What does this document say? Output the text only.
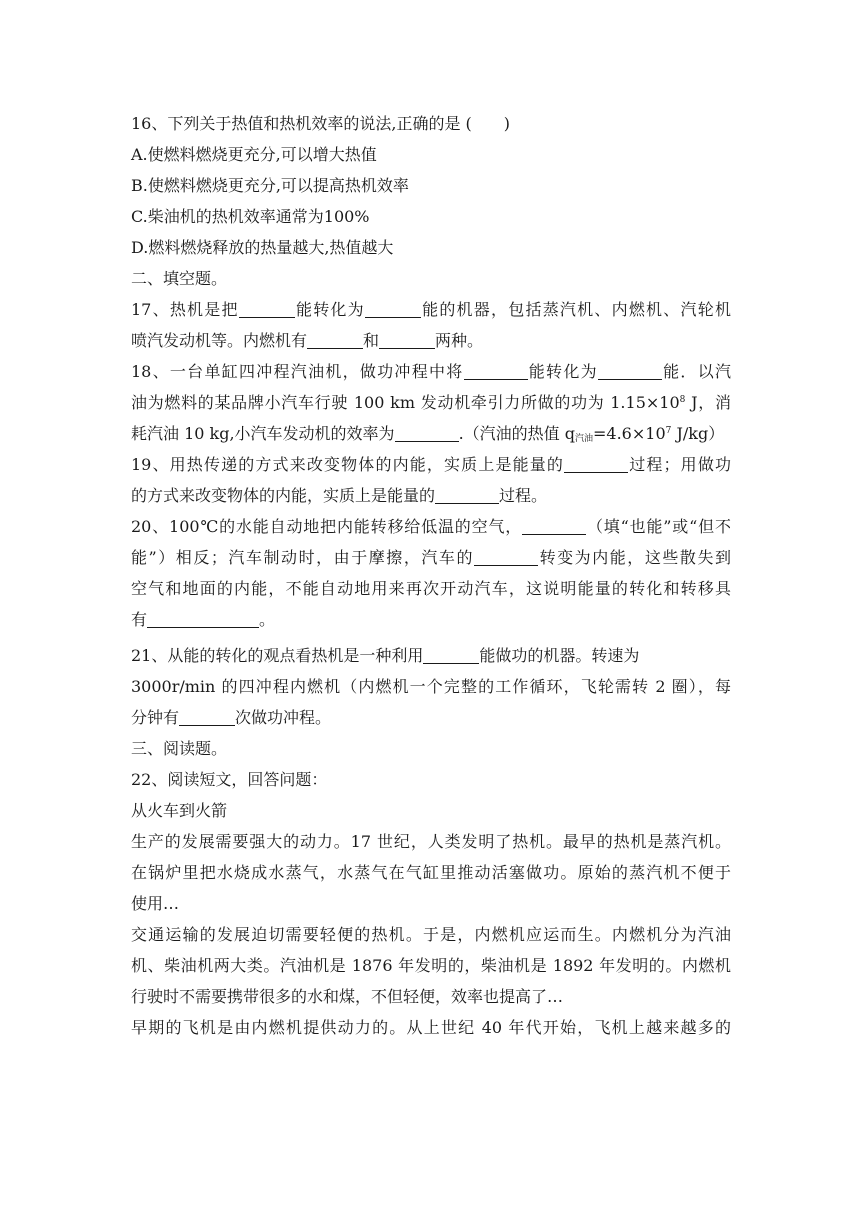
16、下列关于热值和热机效率的说法,正确的是 (　　)
A.使燃料燃烧更充分,可以增大热值
B.使燃料燃烧更充分,可以提高热机效率
C.柴油机的热机效率通常为100%
D.燃料燃烧释放的热量越大,热值越大
二、填空题。
17、热机是把	能转化为	能的机器，包括蒸汽机、内燃机、汽轮机
喷汽发动机等。内燃机有	和	两种。
18、一台单缸四冲程汽油机，做功冲程中将	能转化为	能．以汽
油为燃料的某品牌小汽车行驶 100 km 发动机牵引力所做的功为 $1.15\times 10^8$ J，消
耗汽油 10 kg,小汽车发动机的效率为	.（汽油的热值 q汽油$=4.6\times 10^7$ J/kg）
19、用热传递的方式来改变物体的内能，实质上是能量的	过程；用做功
的方式来改变物体的内能，实质上是能量的	过程。
20、100℃的水能自动地把内能转移给低温的空气，	（填“也能”或“但不
能”）相反；汽车制动时，由于摩擦，汽车的	转变为内能，这些散失到
空气和地面的内能，不能自动地用来再次开动汽车，这说明能量的转化和转移具
有	。
21、从能的转化的观点看热机是一种利用	能做功的机器。转速为
3000r/min 的四冲程内燃机（内燃机一个完整的工作循环，飞轮需转 2 圈），每
分钟有	次做功冲程。
三、阅读题。
22、阅读短文，回答问题：
从火车到火箭
生产的发展需要强大的动力。17 世纪，人类发明了热机。最早的热机是蒸汽机。
在锅炉里把水烧成水蒸气，水蒸气在气缸里推动活塞做功。原始的蒸汽机不便于
使用…
交通运输的发展迫切需要轻便的热机。于是，内燃机应运而生。内燃机分为汽油
机、柴油机两大类。汽油机是 1876 年发明的，柴油机是 1892 年发明的。内燃机
行驶时不需要携带很多的水和煤，不但轻便，效率也提高了…
早期的飞机是由内燃机提供动力的。从上世纪 40 年代开始，飞机上越来越多的
